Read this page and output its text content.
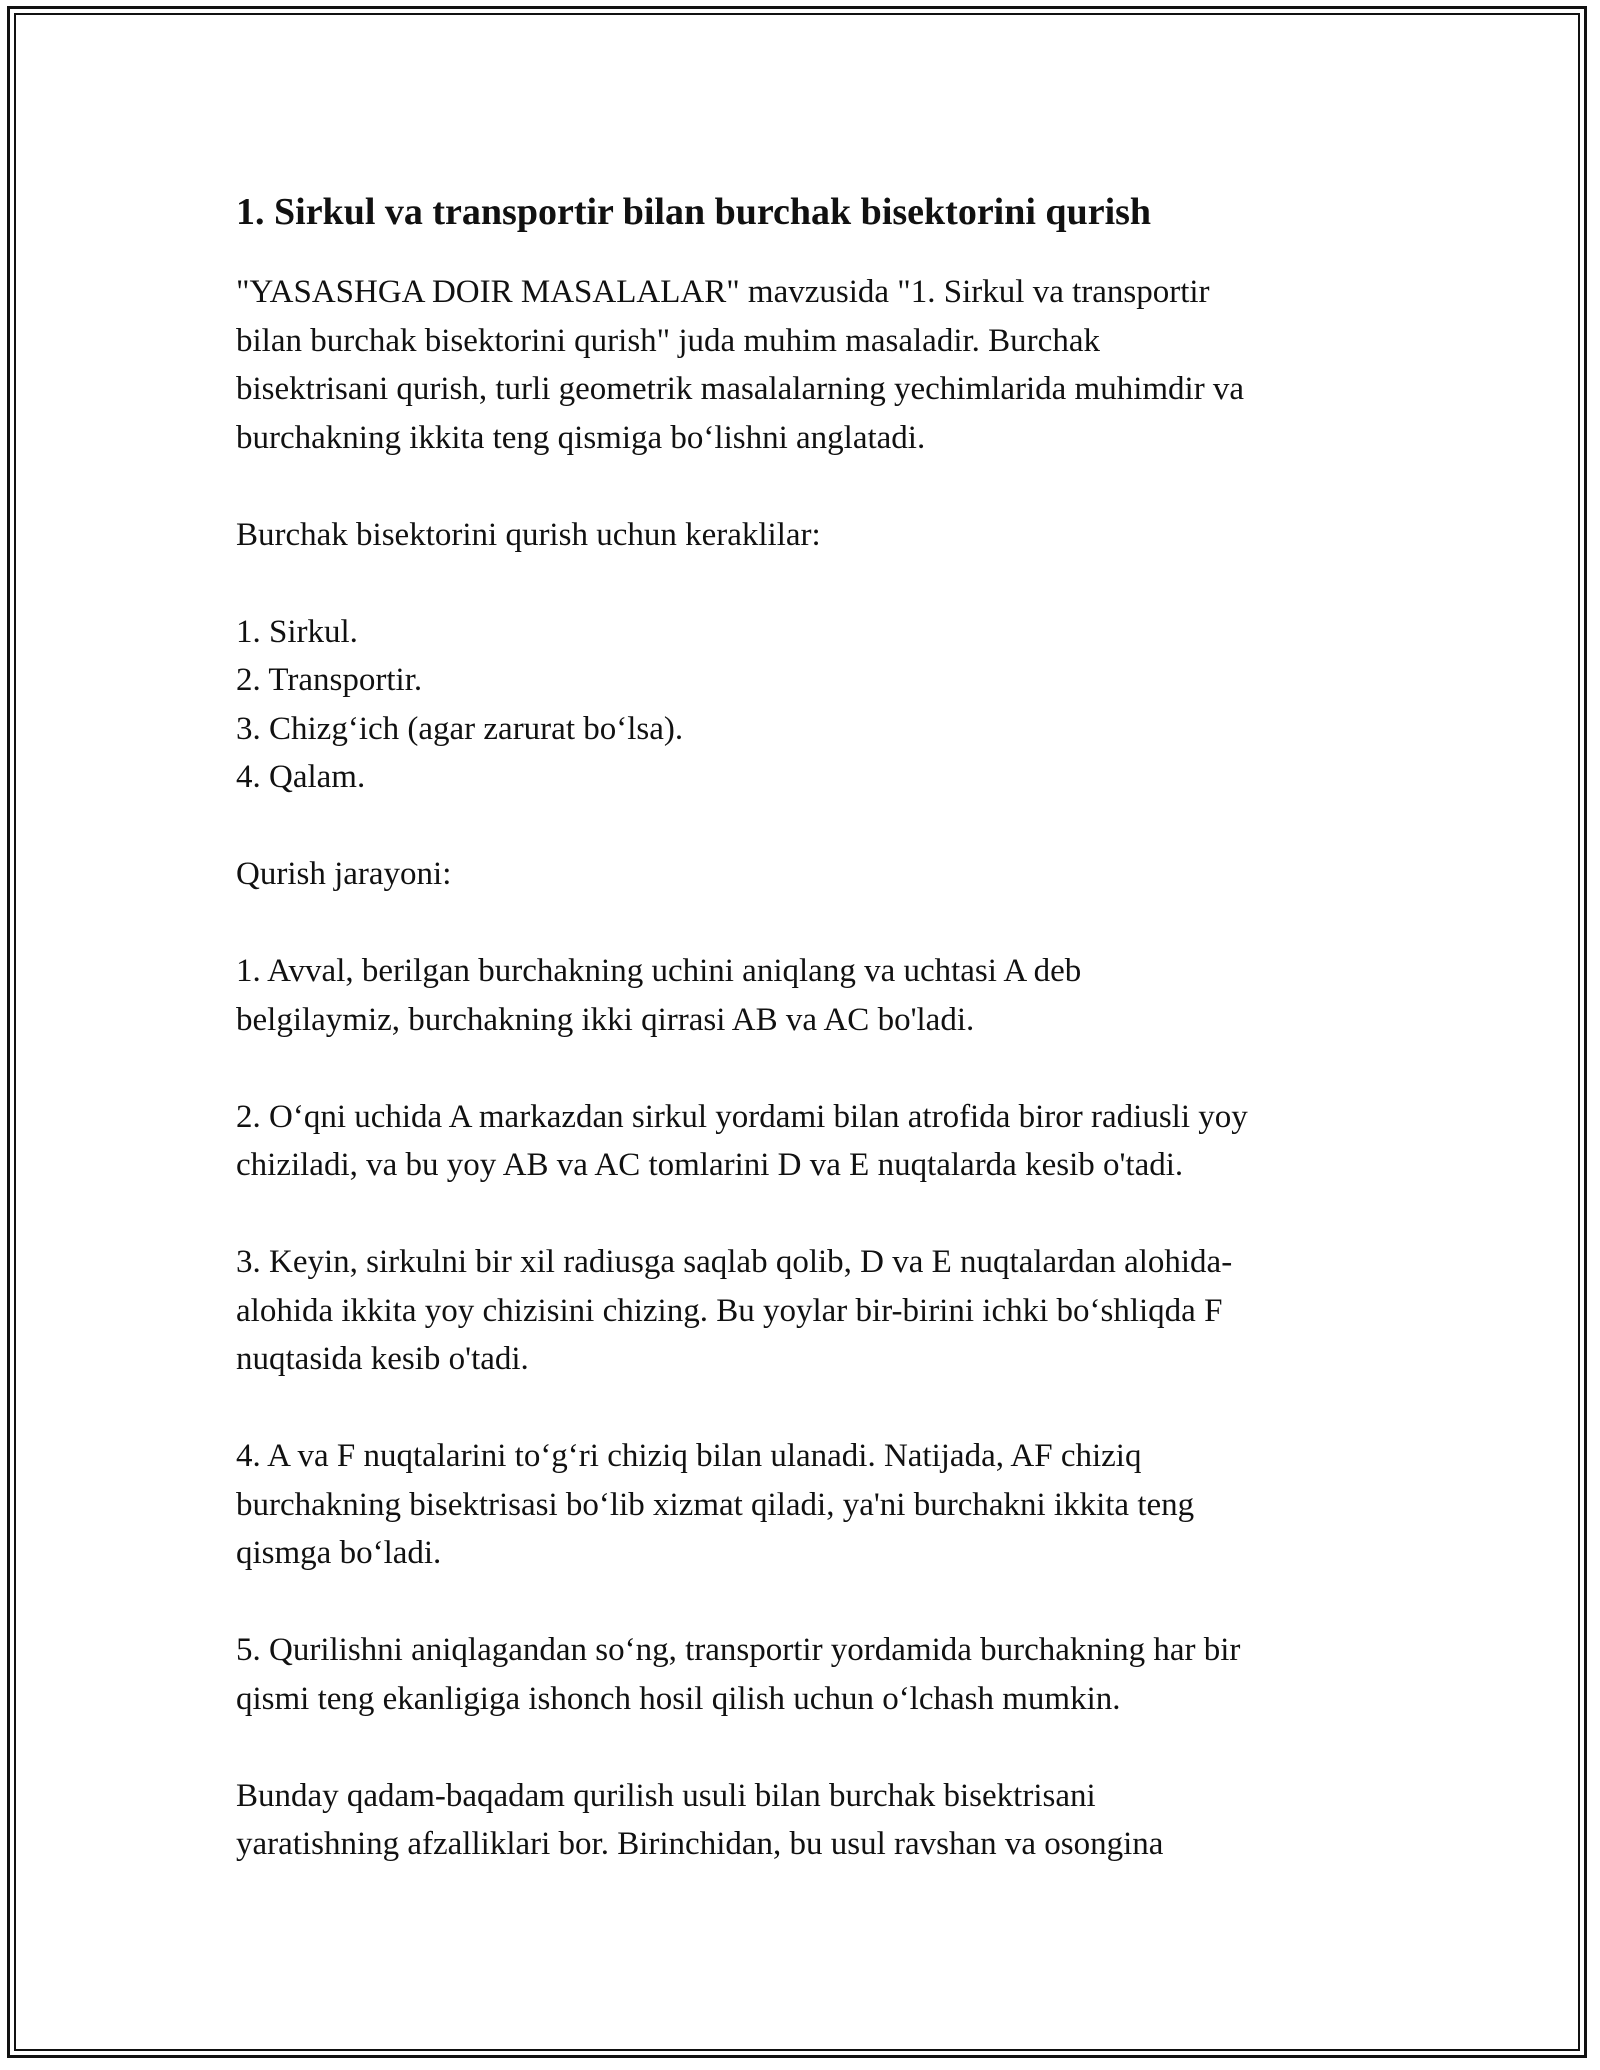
1. Sirkul va transportir bilan burchak bisektorini qurish
"YASASHGA DOIR MASALALAR" mavzusida "1. Sirkul va transportir
bilan burchak bisektorini qurish" juda muhim masaladir. Burchak
bisektrisani qurish, turli geometrik masalalarning yechimlarida muhimdir va
burchakning ikkita teng qismiga bo‘lishni anglatadi.
Burchak bisektorini qurish uchun keraklilar:
1. Sirkul.
2. Transportir.
3. Chizg‘ich (agar zarurat bo‘lsa).
4. Qalam.
Qurish jarayoni:
1. Avval, berilgan burchakning uchini aniqlang va uchtasi A deb
belgilaymiz, burchakning ikki qirrasi AB va AC bo'ladi.
2. O‘qni uchida A markazdan sirkul yordami bilan atrofida biror radiusli yoy
chiziladi, va bu yoy AB va AC tomlarini D va E nuqtalarda kesib o'tadi.
3. Keyin, sirkulni bir xil radiusga saqlab qolib, D va E nuqtalardan alohida-
alohida ikkita yoy chizisini chizing. Bu yoylar bir-birini ichki bo‘shliqda F
nuqtasida kesib o'tadi.
4. A va F nuqtalarini to‘g‘ri chiziq bilan ulanadi. Natijada, AF chiziq
burchakning bisektrisasi bo‘lib xizmat qiladi, ya'ni burchakni ikkita teng
qismga bo‘ladi.
5. Qurilishni aniqlagandan so‘ng, transportir yordamida burchakning har bir
qismi teng ekanligiga ishonch hosil qilish uchun o‘lchash mumkin.
Bunday qadam-baqadam qurilish usuli bilan burchak bisektrisani
yaratishning afzalliklari bor. Birinchidan, bu usul ravshan va osongina
